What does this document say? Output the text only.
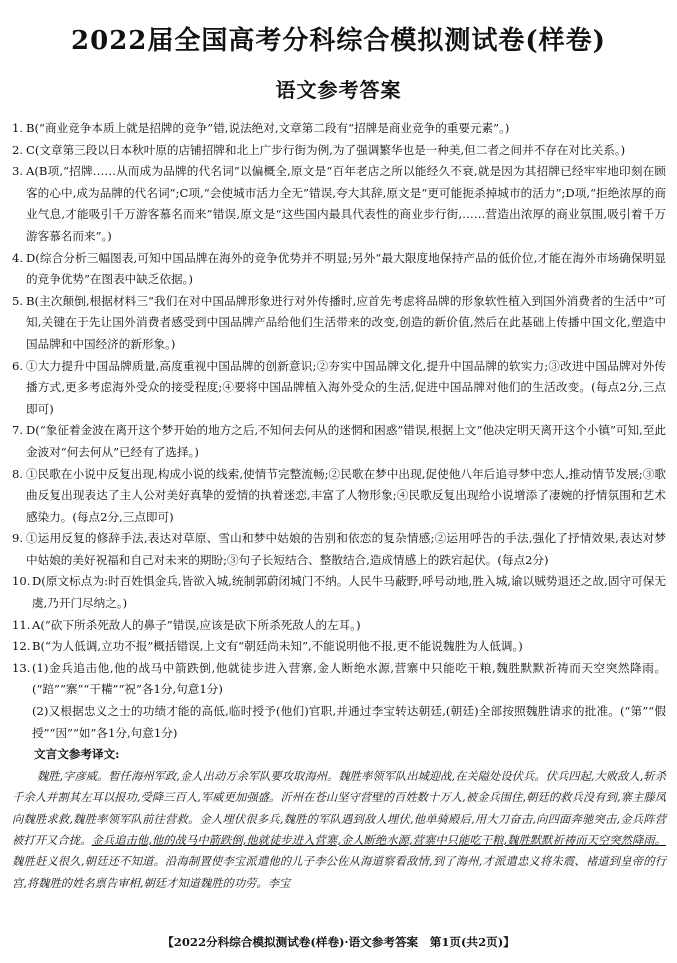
2022届全国高考分科综合模拟测试卷(样卷)
语文参考答案

1. B(“商业竞争本质上就是招牌的竞争”错,说法绝对,文章第二段有“招牌是商业竞争的重要元素”。)

2. C(文章第三段以日本秋叶原的店铺招牌和北上广步行街为例,为了强调繁华也是一种美,但二者之间并不存在对比关系。)

3. A(B项,“招牌……从而成为品牌的代名词”以偏概全,原文是“百年老店之所以能经久不衰,就是因为其招牌已经牢牢地印刻在顾客的心中,成为品牌的代名词”;C项,“会使城市活力全无”错误,夸大其辞,原文是“更可能扼杀掉城市的活力”;D项,“拒绝浓厚的商业气息,才能吸引千万游客慕名而来”错误,原文是“这些国内最具代表性的商业步行街,……营造出浓厚的商业氛围,吸引着千万游客慕名而来”。)

4. D(综合分析三幅图表,可知中国品牌在海外的竞争优势并不明显;另外“最大限度地保持产品的低价位,才能在海外市场确保明显的竞争优势”在图表中缺乏依据。)

5. B(主次颠倒,根据材料三“我们在对中国品牌形象进行对外传播时,应首先考虑将品牌的形象软性植入到国外消费者的生活中”可知,关键在于先让国外消费者感受到中国品牌产品给他们生活带来的改变,创造的新价值,然后在此基础上传播中国文化,塑造中国品牌和中国经济的新形象。)

6. ①大力提升中国品牌质量,高度重视中国品牌的创新意识;②夯实中国品牌文化,提升中国品牌的软实力;③改进中国品牌对外传播方式,更多考虑海外受众的接受程度;④要将中国品牌植入海外受众的生活,促进中国品牌对他们的生活改变。(每点2分,三点即可)

7. D(“象征着金波在离开这个梦开始的地方之后,不知何去何从的迷惘和困惑”错误,根据上文“他决定明天离开这个小镇”可知,至此金波对“何去何从”已经有了选择。)

8. ①民歌在小说中反复出现,构成小说的线索,使情节完整流畅;②民歌在梦中出现,促使他八年后追寻梦中恋人,推动情节发展;③歌曲反复出现表达了主人公对美好真挚的爱情的执着迷恋,丰富了人物形象;④民歌反复出现给小说增添了凄婉的抒情氛围和艺术感染力。(每点2分,三点即可)

9. ①运用反复的修辞手法,表达对草原、雪山和梦中姑娘的告别和依恋的复杂情感;②运用呼告的手法,强化了抒情效果,表达对梦中姑娘的美好祝福和自己对未来的期盼;③句子长短结合、整散结合,造成情感上的跌宕起伏。(每点2分)

10. D(原文标点为:时百姓惧金兵,皆欲入城,统制郭蔚闭城门不纳。人民牛马蔽野,呼号动地,胜入城,谕以贼势退还之故,固守可保无虞,乃开门尽纳之。)

11. A(“砍下所杀死敌人的鼻子”错误,应该是砍下所杀死敌人的左耳。)

12. B(“为人低调,立功不报”概括错误,上文有“朝廷尚未知”,不能说明他不报,更不能说魏胜为人低调。)

13. (1)金兵追击他,他的战马中箭跌倒,他就徒步进入营寨,金人断绝水源,营寨中只能吃干粮,魏胜默默祈祷而天空突然降雨。(“踣”“寨”“干糒”“祝”各1分,句意1分)

(2)又根据忠义之士的功绩才能的高低,临时授予(他们)官职,并通过李宝转达朝廷,(朝廷)全部按照魏胜请求的批准。(“第”“假授”“因”“如”各1分,句意1分)

文言文参考译文:

魏胜,字彦威。暂任海州军政,金人出动万余军队要攻取海州。魏胜率领军队出城迎战,在关隘处设伏兵。伏兵四起,大败敌人,斩杀千余人并割其左耳以报功,受降三百人,军威更加强盛。沂州在苍山坚守营壁的百姓数十万人,被金兵围住,朝廷的救兵没有到,寨主滕凤向魏胜求救,魏胜率领军队前往营救。金人埋伏很多兵,魏胜的军队遇到敌人埋伏,他单骑殿后,用大刀奋击,向四面奔驰突击,金兵阵营被打开又合拢。金兵追击他,他的战马中箭跌倒,他就徒步进入营寨,金人断绝水源,营寨中只能吃干粮,魏胜默默祈祷而天空突然降雨。魏胜赶义很久,朝廷还不知道。沿海制置使李宝派遣他的儿子李公佐从海道察看敌情,到了海州,才派遣忠义将朱震、褚道到皇帝的行宫,将魏胜的姓名禀告审相,朝廷才知道魏胜的功劳。李宝

【2022分科综合模拟测试卷(样卷)·语文参考答案　第1页(共2页)】
